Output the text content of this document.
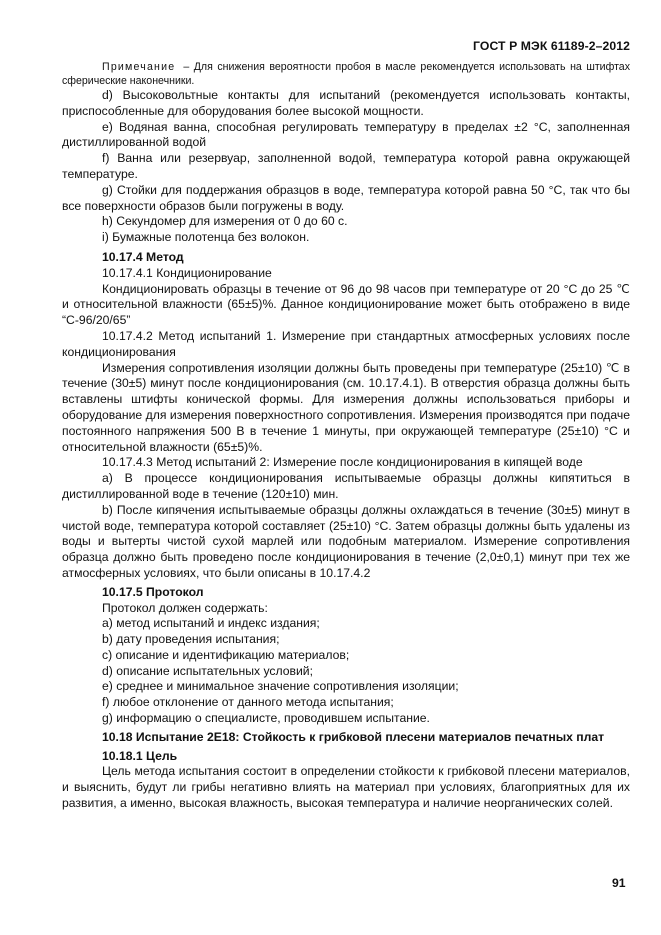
ГОСТ Р МЭК 61189-2–2012

Примечание – Для снижения вероятности пробоя в масле рекомендуется использовать на штифтах сферические наконечники.

d) Высоковольтные контакты для испытаний (рекомендуется использовать контакты, приспособленные для оборудования более высокой мощности.

e) Водяная ванна, способная регулировать температуру в пределах ±2 °С, заполненная дистиллированной водой

f) Ванна или резервуар, заполненной водой, температура которой равна окружающей температуре.

g) Стойки для поддержания образцов в воде, температура которой равна 50 °С, так что бы все поверхности образов были погружены в воду.

h) Секундомер для измерения от 0 до 60 с.

i) Бумажные полотенца без волокон.

10.17.4 Метод

10.17.4.1 Кондиционирование

Кондиционировать образцы в течение от 96 до 98 часов при температуре от 20 °С до 25 ℃ и относительной влажности (65±5)%. Данное кондиционирование может быть отображено в виде “С-96/20/65”

10.17.4.2 Метод испытаний 1. Измерение при стандартных атмосферных условиях после кондиционирования

Измерения сопротивления изоляции должны быть проведены при температуре (25±10) ℃ в течение (30±5) минут после кондиционирования (см. 10.17.4.1). В отверстия образца должны быть вставлены штифты конической формы. Для измерения должны использоваться приборы и оборудование для измерения поверхностного сопротивления. Измерения производятся при подаче постоянного напряжения 500 В в течение 1 минуты, при окружающей температуре (25±10) °С и относительной влажности (65±5)%.

10.17.4.3 Метод испытаний 2: Измерение после кондиционирования в кипящей воде

a) В процессе кондиционирования испытываемые образцы должны кипятиться в дистиллированной воде в течение (120±10) мин.

b) После кипячения испытываемые образцы должны охлаждаться в течение (30±5) минут в чистой воде, температура которой составляет (25±10) °С. Затем образцы должны быть удалены из воды и вытерты чистой сухой марлей или подобным материалом. Измерение сопротивления образца должно быть проведено после кондиционирования в течение (2,0±0,1) минут при тех же атмосферных условиях, что были описаны в 10.17.4.2

10.17.5 Протокол

Протокол должен содержать:

a) метод испытаний и индекс издания;

b) дату проведения испытания;

c) описание и идентификацию материалов;

d) описание испытательных условий;

e) среднее и минимальное значение сопротивления изоляции;

f) любое отклонение от данного метода испытания;

g) информацию о специалисте, проводившем испытание.

10.18 Испытание 2Е18: Стойкость к грибковой плесени материалов печатных плат

10.18.1 Цель

Цель метода испытания состоит в определении стойкости к грибковой плесени материалов, и выяснить, будут ли грибы негативно влиять на материал при условиях, благоприятных для их развития, а именно, высокая влажность, высокая температура и наличие неорганических солей.

91
